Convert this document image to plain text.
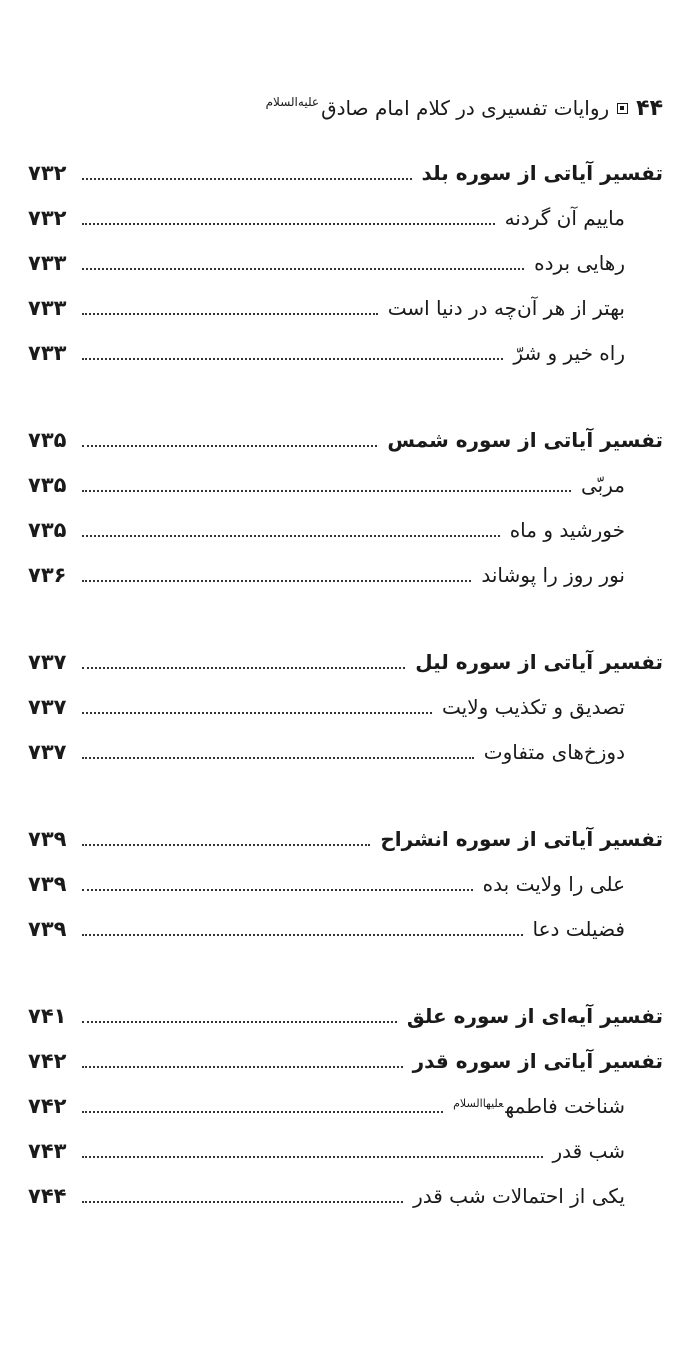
۴۴
روایات تفسیری در کلام امام صادق
علیه‌السلام
تفسیر آیاتی از سوره بلد
۷۳۲
ماییم آن گردنه
۷۳۲
رهایی برده
۷۳۳
بهتر از هر آن‌چه در دنیا است
۷۳۳
راه خیر و شرّ
۷۳۳
تفسیر آیاتی از سوره شمس
۷۳۵
مربّی
۷۳۵
خورشید و ماه
۷۳۵
نور روز را پوشاند
۷۳۶
تفسیر آیاتی از سوره لیل
۷۳۷
تصدیق و تکذیب ولایت
۷۳۷
دوزخ‌های متفاوت
۷۳۷
تفسیر آیاتی از سوره انشراح
۷۳۹
علی را ولایت بده
۷۳۹
فضیلت دعا
۷۳۹
تفسیر آیه‌ای از سوره علق
۷۴۱
تفسیر آیاتی از سوره قدر
۷۴۲
شناخت فاطمه$^{علیهاالسلام}$
۷۴۲
شب قدر
۷۴۳
یکی از احتمالات شب قدر
۷۴۴
